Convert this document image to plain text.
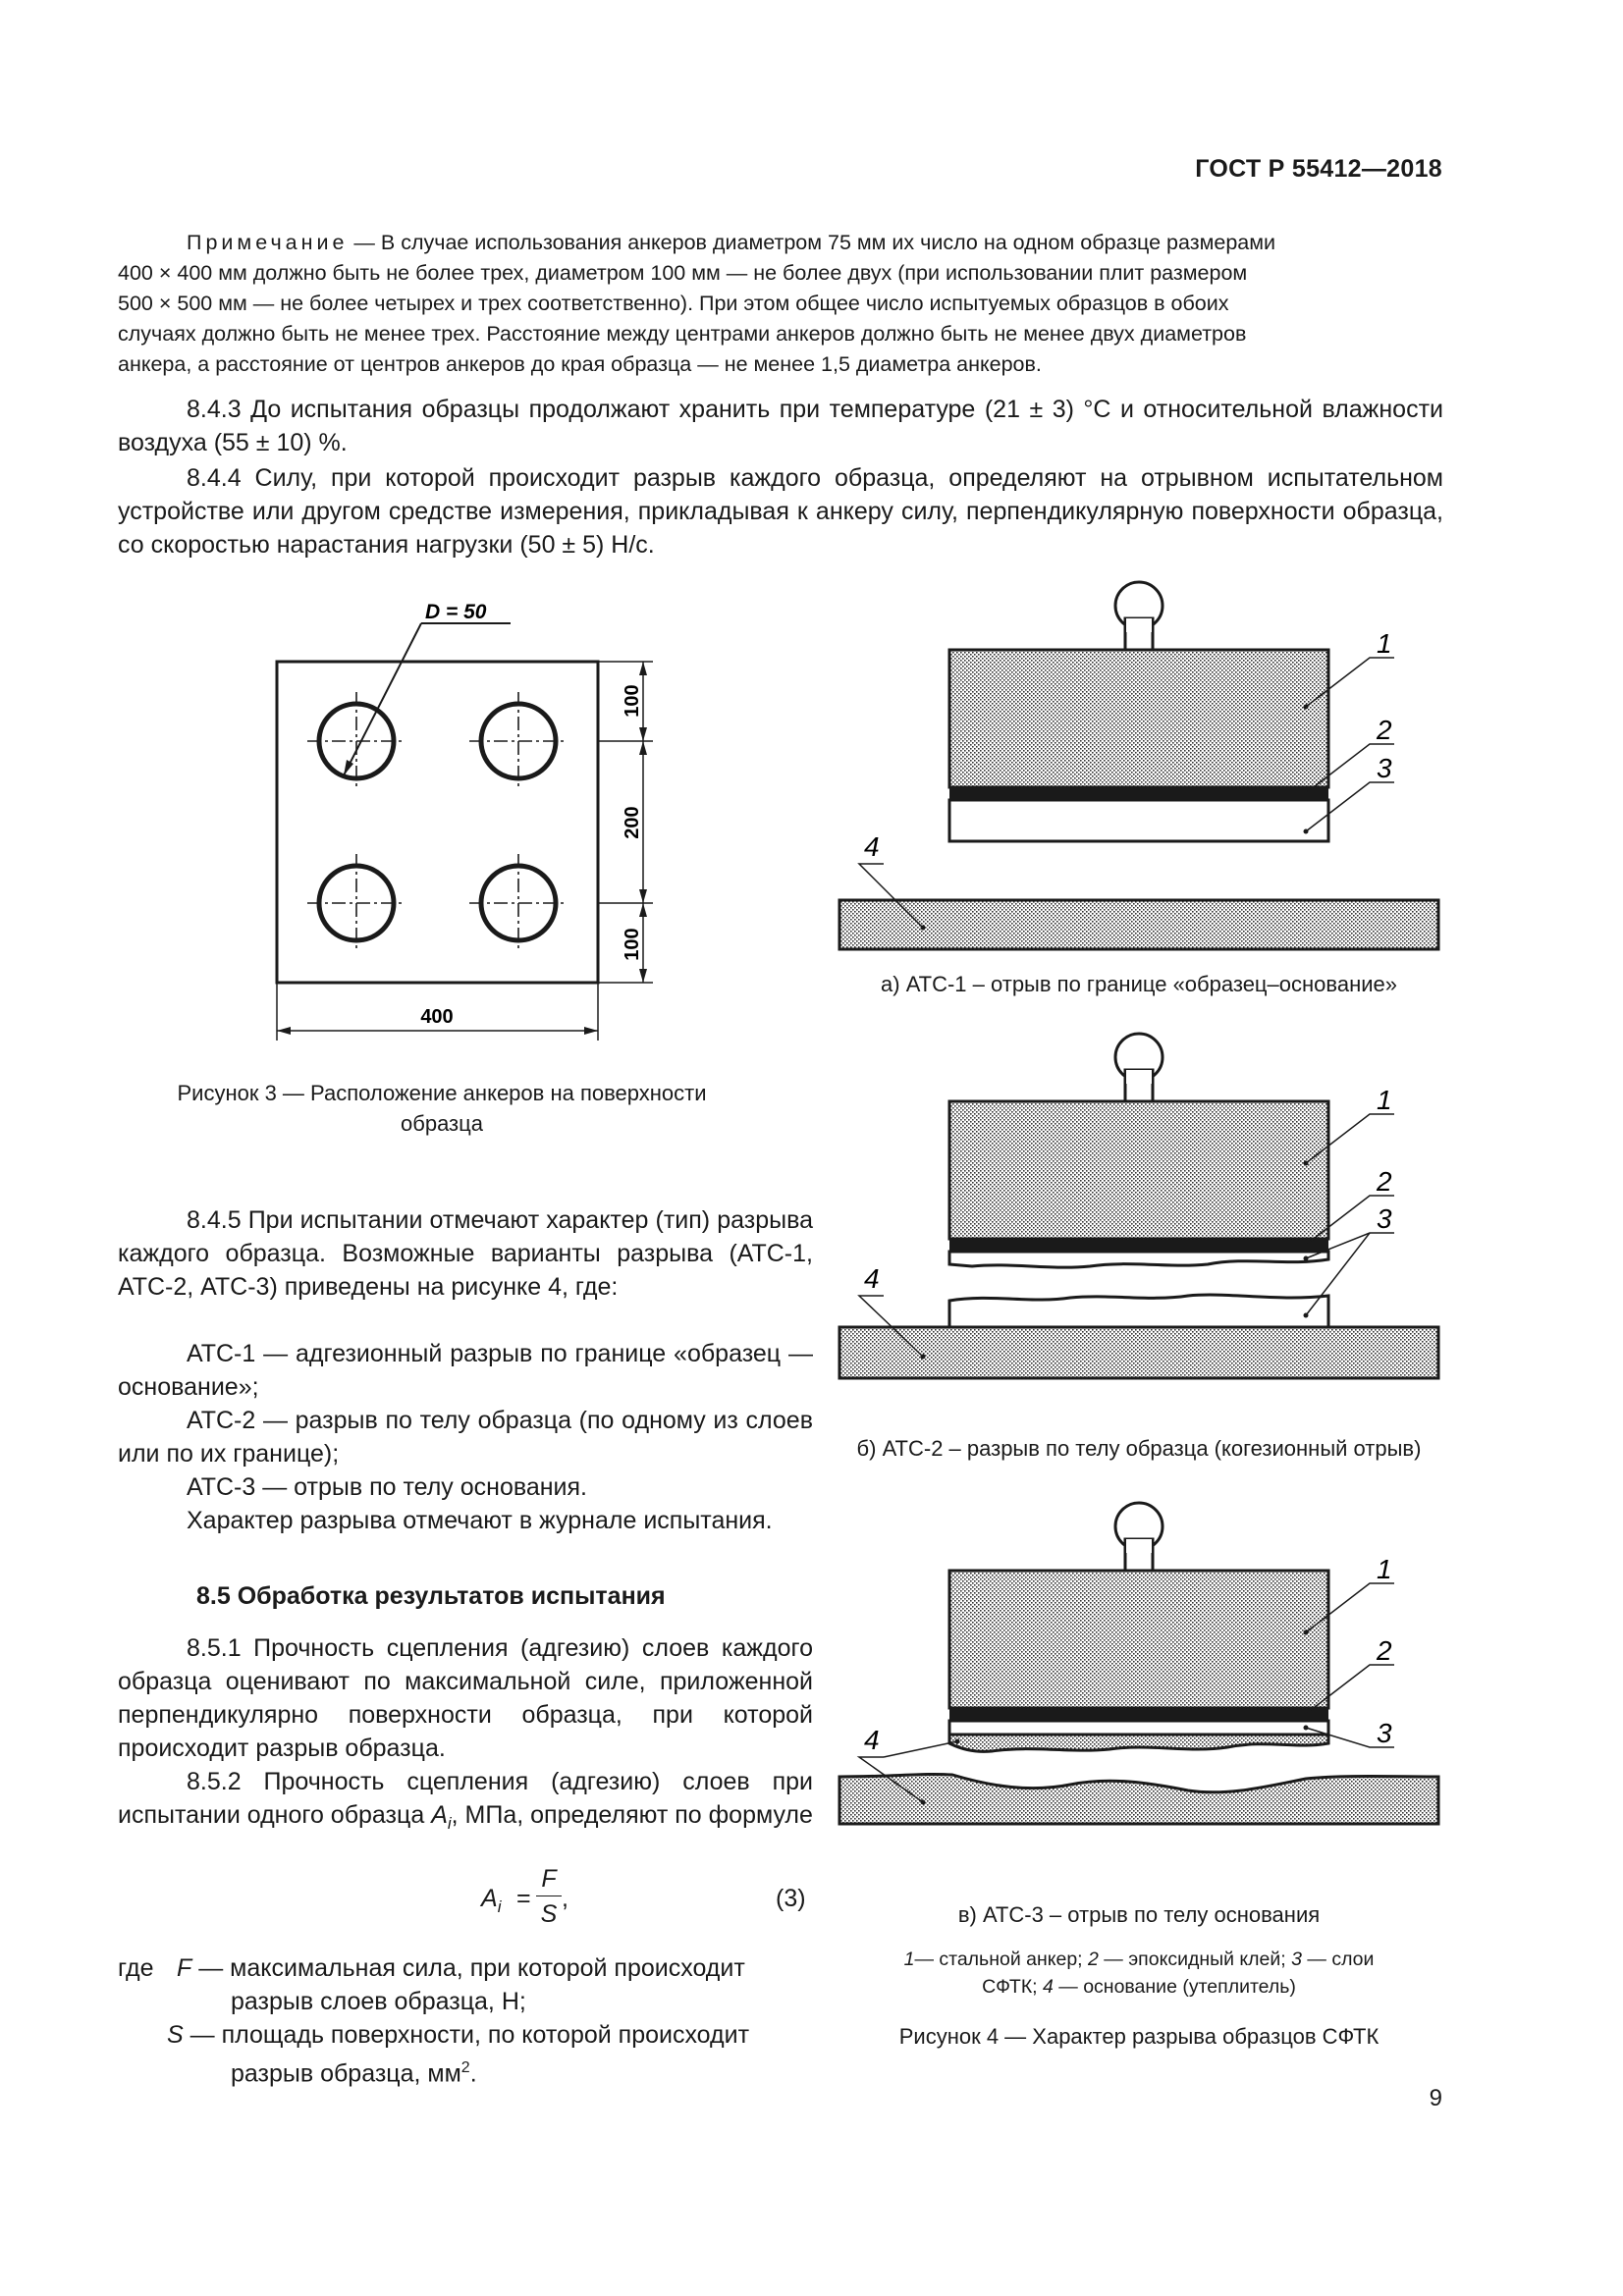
ГОСТ Р 55412—2018
Примечание — В случае использования анкеров диаметром 75 мм их число на одном образце размерами
400 × 400 мм должно быть не более трех, диаметром 100 мм — не более двух (при использовании плит размером
500 × 500 мм — не более четырех и трех соответственно). При этом общее число испытуемых образцов в обоих
случаях должно быть не менее трех. Расстояние между центрами анкеров должно быть не менее двух диаметров
анкера, а расстояние от центров анкеров до края образца — не менее 1,5 диаметра анкеров.
8.4.3 До испытания образцы продолжают хранить при температуре (21 ± 3) °С и относительной влажности воздуха (55 ± 10) %.
8.4.4 Силу, при которой происходит разрыв каждого образца, определяют на отрывном испытательном устройстве или другом средстве измерения, прикладывая к анкеру силу, перпендикулярную поверхности образца, со скоростью нарастания нагрузки (50 ± 5) Н/с.
D = 50
100
200
100
400
Рисунок 3 — Расположение анкеров на поверхности
образца
8.4.5 При испытании отмечают характер (тип) разрыва каждого образца. Возможные варианты разрыва (АТС-1, АТС-2, АТС-3) приведены на рисунке 4, где:
АТС-1 — адгезионный разрыв по границе «образец — основание»;
АТС-2 — разрыв по телу образца (по одному из слоев или по их границе);
АТС-3 — отрыв по телу основания.
Характер разрыва отмечают в журнале испытания.
8.5 Обработка результатов испытания
8.5.1 Прочность сцепления (адгезию) слоев каждого образца оценивают по максимальной силе, приложенной перпендикулярно поверхности образца, при которой происходит разрыв образца.
8.5.2 Прочность сцепления (адгезию) слоев при испытании одного образца $A_i$, МПа, определяют по формуле
$A_i$ =
F
S
,	(3)
где F — максимальная сила, при которой происходит
разрыв слоев образца, Н;
S — площадь поверхности, по которой происходит
разрыв образца, $мм^2$.
1
2
3
4
1
2
3
4
1
2
3
4
а) АТС-1 – отрыв по границе «образец–основание»
б) АТС-2 – разрыв по телу образца (когезионный отрыв)
в) АТС-3 – отрыв по телу основания
1— стальной анкер; 2 — эпоксидный клей; 3 — слои
СФТК; 4 — основание (утеплитель)
Рисунок 4 — Характер разрыва образцов СФТК
9
